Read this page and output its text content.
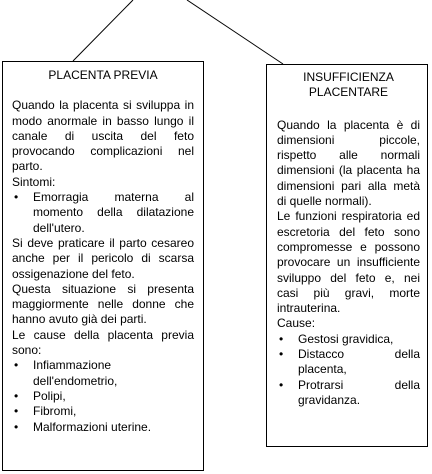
PLACENTA PREVIA
Quando la placenta si sviluppa in modo anormale in basso lungo il canale di uscita del feto provocando complicazioni nel parto.
Sintomi:
• Emorragia materna al momento della dilatazione dell'utero.
Si deve praticare il parto cesareo anche per il pericolo di scarsa ossigenazione del feto.
Questa situazione si presenta maggiormente nelle donne che hanno avuto già dei parti.
Le cause della placenta previa sono:
• Infiammazione dell'endometrio,
• Polipi,
• Fibromi,
• Malformazioni uterine.
INSUFFICIENZA PLACENTARE
Quando la placenta è di dimensioni piccole, rispetto alle normali dimensioni (la placenta ha dimensioni pari alla metà di quelle normali).
Le funzioni respiratoria ed escretoria del feto sono compromesse e possono provocare un insufficiente sviluppo del feto e, nei casi più gravi, morte intrauterina.
Cause:
• Gestosi gravidica,
• Distacco della placenta,
• Protrarsi della gravidanza.
